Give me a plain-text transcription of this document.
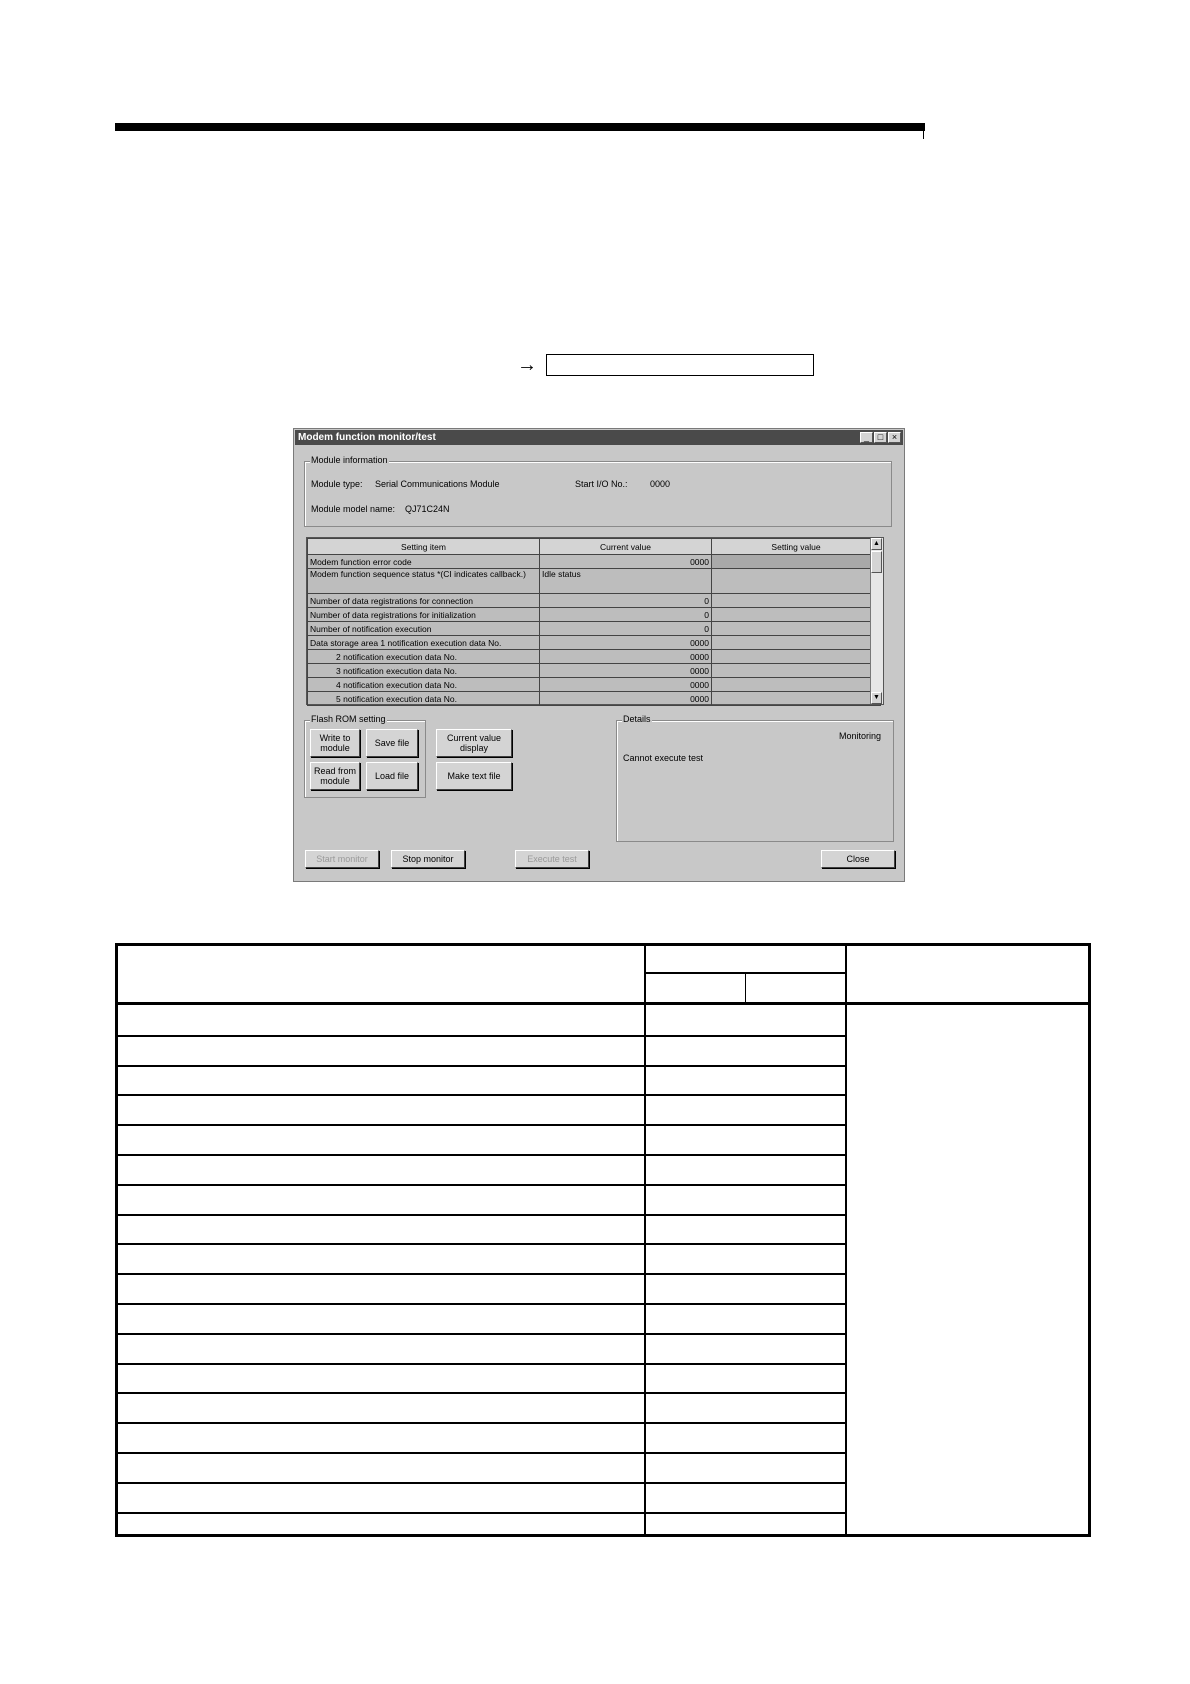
→
Modem function monitor/test	_ □ ×
Module information
Module type: Serial Communications Module	Start I/O No.: 0000
Module model name: QJ71C24N
Setting item	Current value	Setting value
Modem function error code	0000	
Modem function sequence status *(CI indicates callback.)	Idle status	
Number of data registrations for connection	0	
Number of data registrations for initialization	0	
Number of notification execution	0	
Data storage area 1 notification execution data No.	0000	
2 notification execution data No.	0000	
3 notification execution data No.	0000	
4 notification execution data No.	0000	
5 notification execution data No.	0000	
▲
▼
Flash ROM setting
Write to module	Save file
Read from module	Load file
Current value display
Make text file
Details
Monitoring
Cannot execute test
Start monitor	Stop monitor	Execute test	Close
